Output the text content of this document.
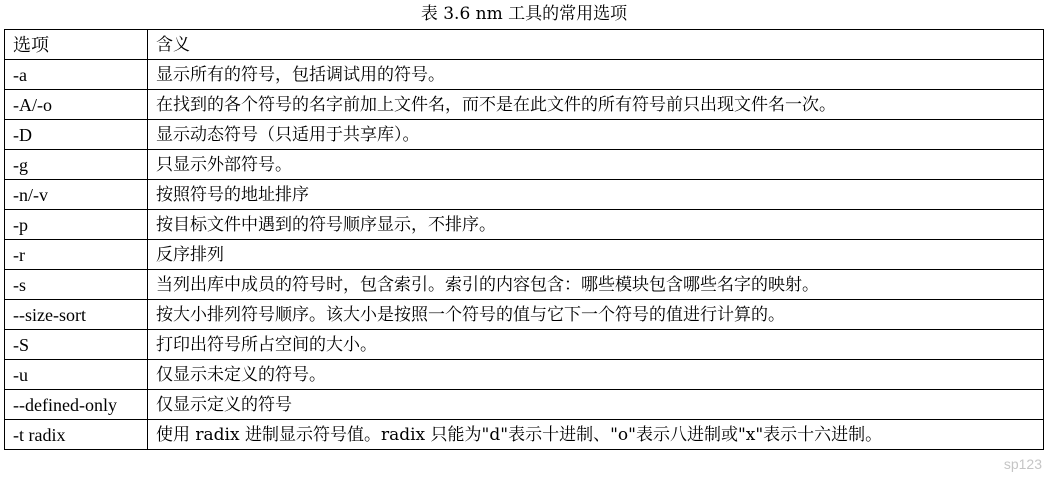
表 3.6 nm 工具的常用选项
选项	含义
-a	显示所有的符号，包括调试用的符号。
-A/-o	在找到的各个符号的名字前加上文件名，而不是在此文件的所有符号前只出现文件名一次。
-D	显示动态符号（只适用于共享库）。
-g	只显示外部符号。
-n/-v	按照符号的地址排序
-p	按目标文件中遇到的符号顺序显示，不排序。
-r	反序排列
-s	当列出库中成员的符号时，包含索引。索引的内容包含：哪些模块包含哪些名字的映射。
--size-sort	按大小排列符号顺序。该大小是按照一个符号的值与它下一个符号的值进行计算的。
-S	打印出符号所占空间的大小。
-u	仅显示未定义的符号。
--defined-only	仅显示定义的符号
-t radix	使用 radix 进制显示符号值。radix 只能为"d"表示十进制、"o"表示八进制或"x"表示十六进制。
sp123
